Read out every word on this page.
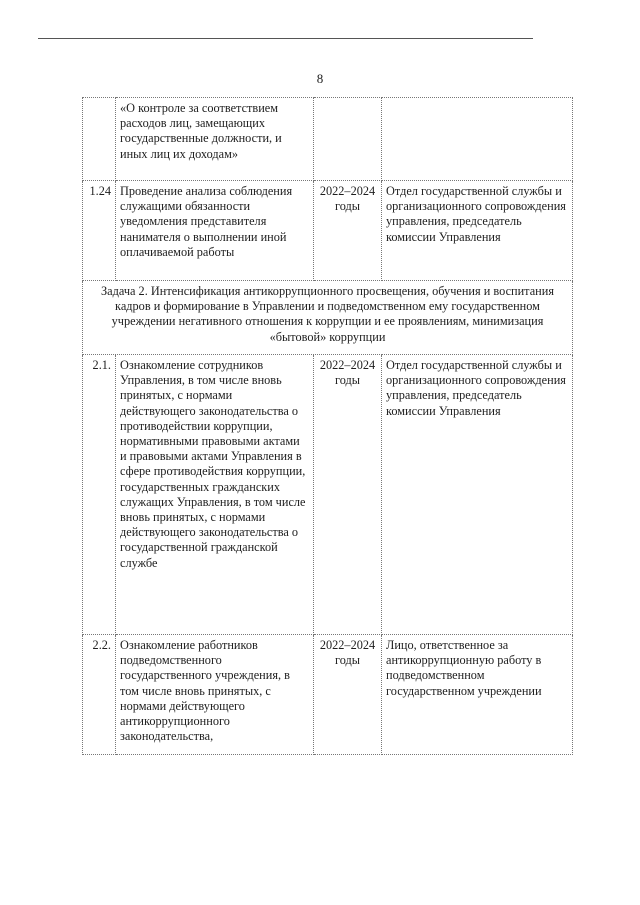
8
	«О контроле за соответствием расходов лиц, замещающих государственные должности, и иных лиц их доходам»		
1.24	Проведение анализа соблюдения служащими обязанности уведомления представителя нанимателя о выполнении иной оплачиваемой работы	2022–2024 годы	Отдел государственной службы и организационного сопровождения управления, председатель комиссии Управления
Задача 2. Интенсификация антикоррупционного просвещения, обучения и воспитания кадров и формирование в Управлении и подведомственном ему государственном учреждении негативного отношения к коррупции и ее проявлениям, минимизация «бытовой» коррупции			
2.1.	Ознакомление сотрудников Управления, в том числе вновь принятых, с нормами действующего законодательства о противодействии коррупции, нормативными правовыми актами и правовыми актами Управления в сфере противодействия коррупции, государственных гражданских служащих Управления, в том числе вновь принятых, с нормами действующего законодательства о государственной гражданской службе	2022–2024 годы	Отдел государственной службы и организационного сопровождения управления, председатель комиссии Управления
2.2.	Ознакомление работников подведомственного государственного учреждения, в том числе вновь принятых, с нормами действующего антикоррупционного законодательства,	2022–2024 годы	Лицо, ответственное за антикоррупционную работу в подведомственном государственном учреждении
